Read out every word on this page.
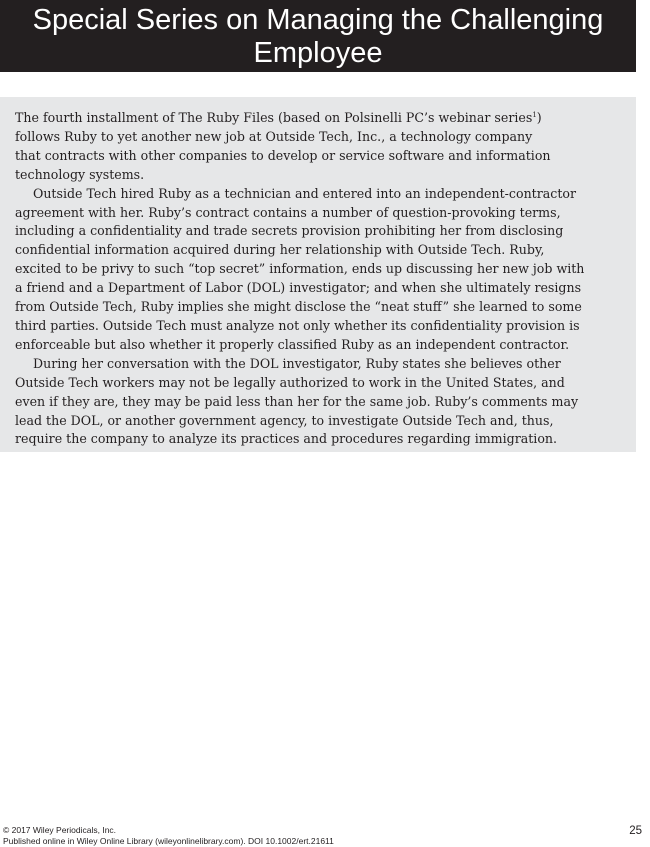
Special Series on Managing the Challenging
Employee

The fourth installment of The Ruby Files (based on Polsinelli PC’s webinar series$^1$)
follows Ruby to yet another new job at Outside Tech, Inc., a technology company
that contracts with other companies to develop or service software and information
technology systems.

Outside Tech hired Ruby as a technician and entered into an independent-contractor
agreement with her. Ruby’s contract contains a number of question-provoking terms,
including a confidentiality and trade secrets provision prohibiting her from disclosing
confidential information acquired during her relationship with Outside Tech. Ruby,
excited to be privy to such “top secret” information, ends up discussing her new job with
a friend and a Department of Labor (DOL) investigator; and when she ultimately resigns
from Outside Tech, Ruby implies she might disclose the “neat stuff” she learned to some
third parties. Outside Tech must analyze not only whether its confidentiality provision is
enforceable but also whether it properly classified Ruby as an independent contractor.

During her conversation with the DOL investigator, Ruby states she believes other
Outside Tech workers may not be legally authorized to work in the United States, and
even if they are, they may be paid less than her for the same job. Ruby’s comments may
lead the DOL, or another government agency, to investigate Outside Tech and, thus,
require the company to analyze its practices and procedures regarding immigration.

© 2017 Wiley Periodicals, Inc.
Published online in Wiley Online Library (wileyonlinelibrary.com). DOI 10.1002/ert.21611
25
